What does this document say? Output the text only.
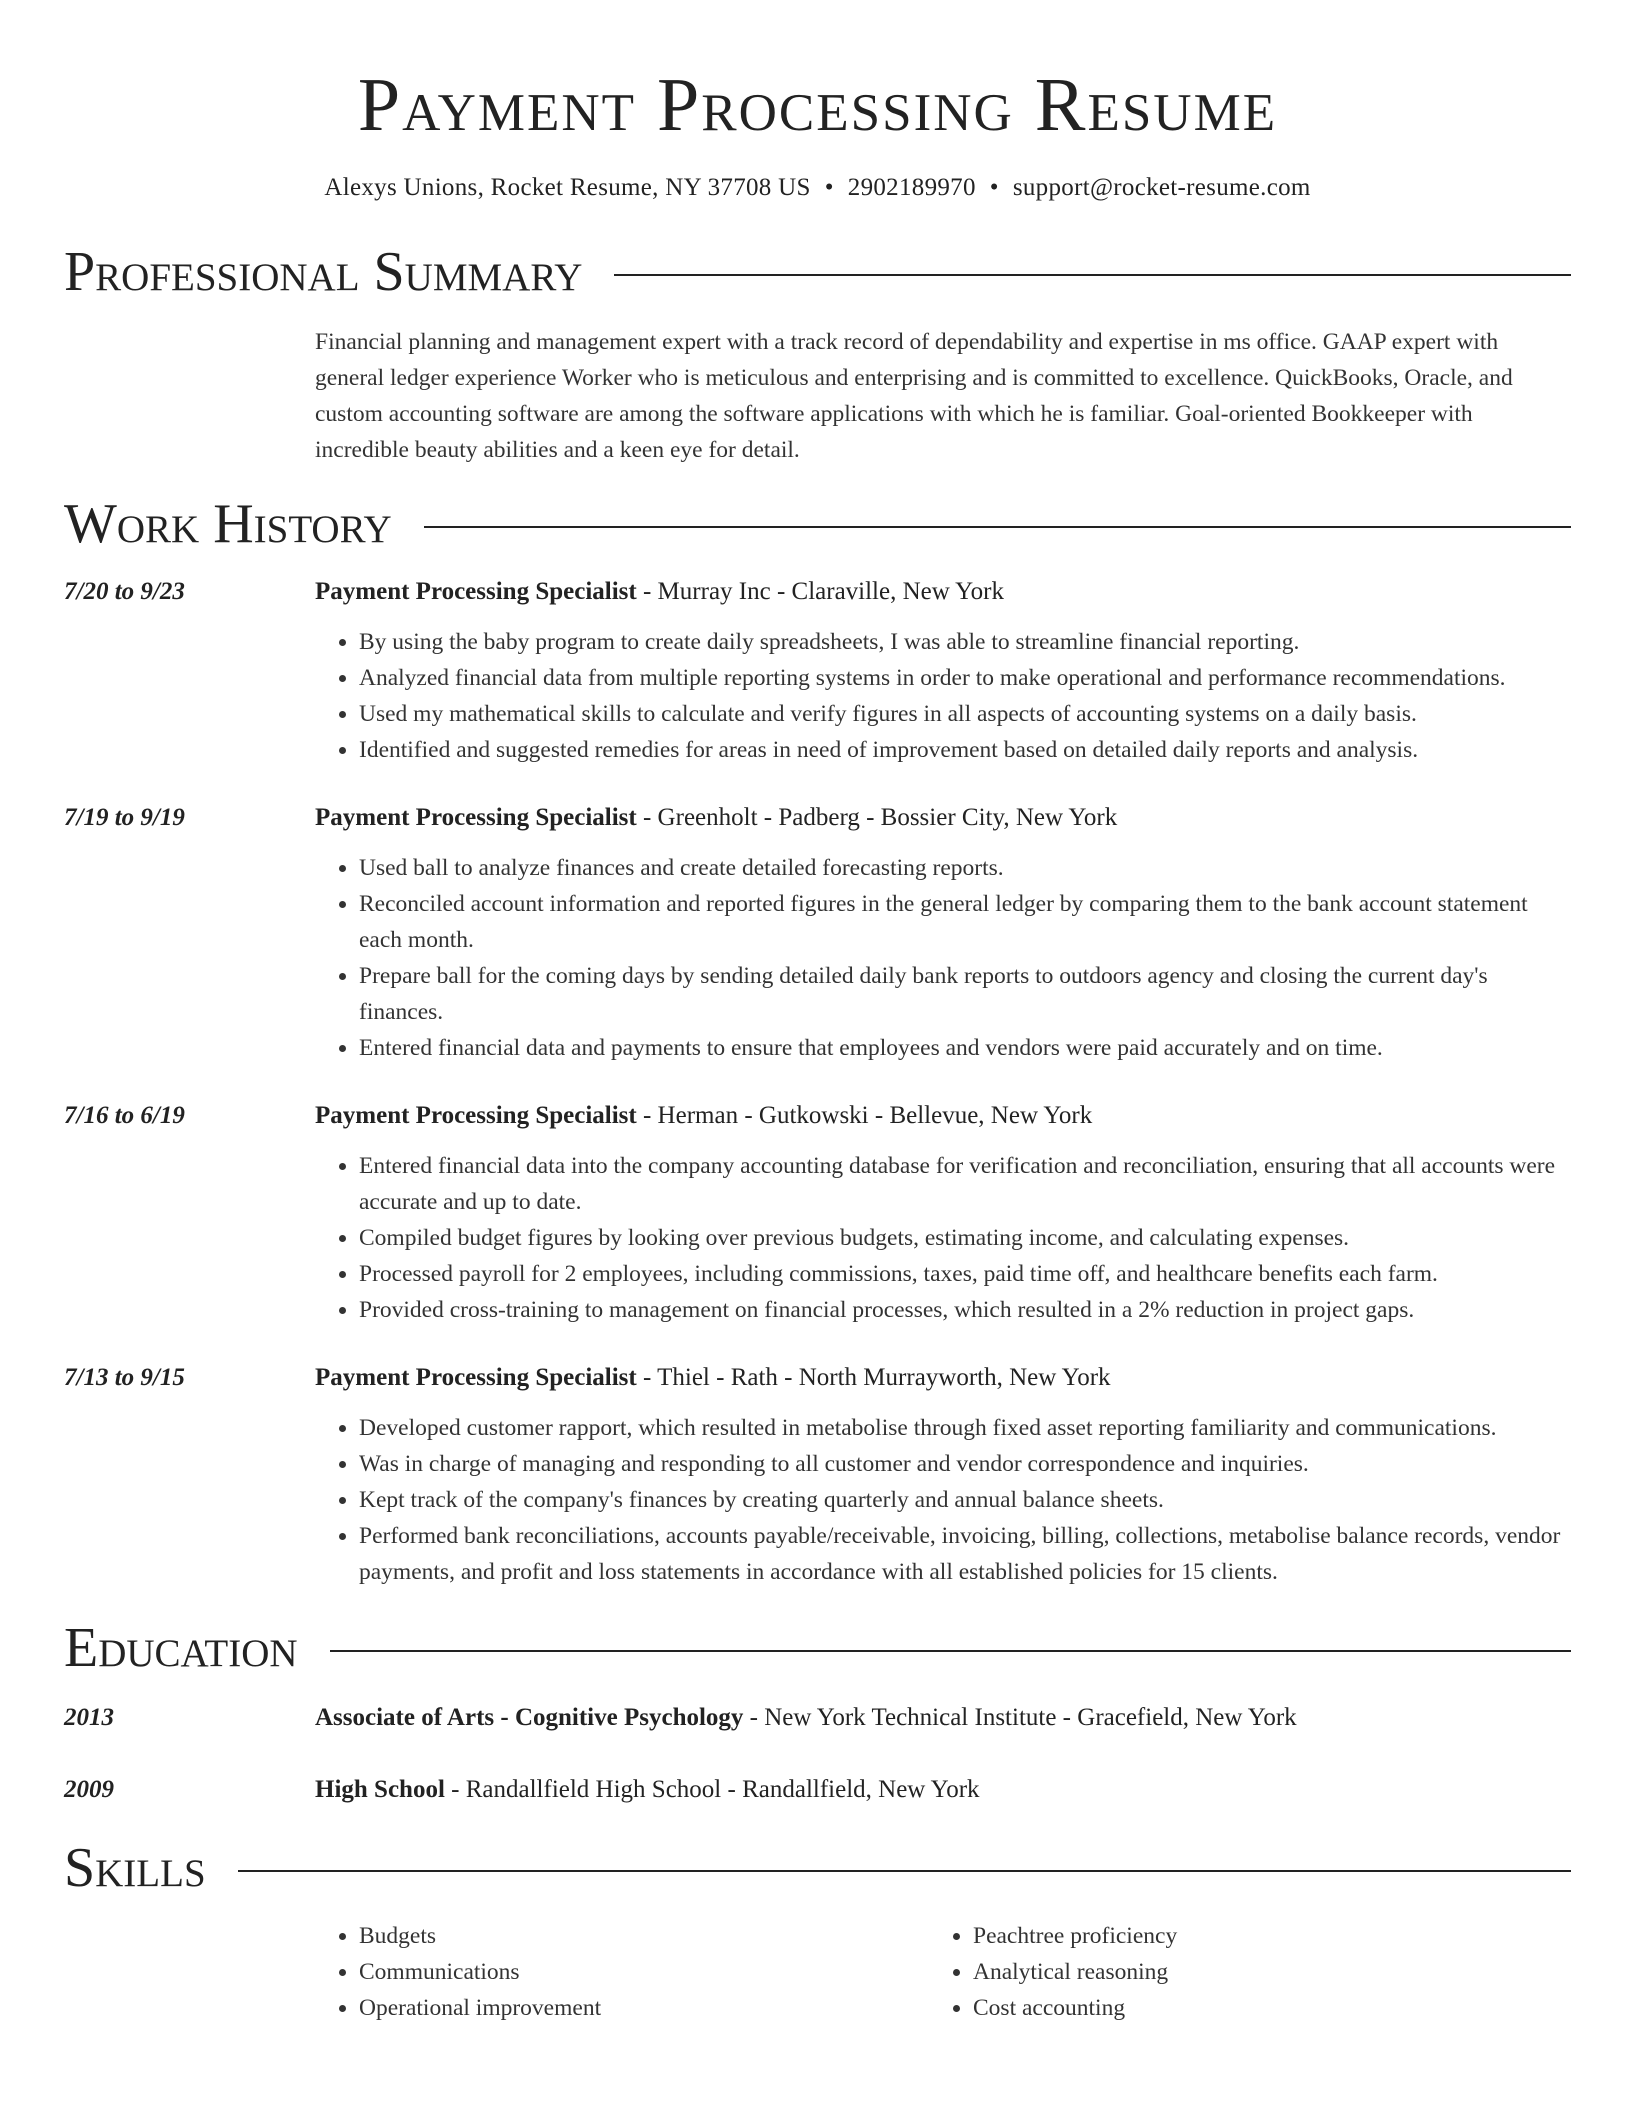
Payment Processing Resume
Alexys Unions, Rocket Resume, NY 37708 US • 2902189970 • support@rocket-resume.com
Professional Summary
Financial planning and management expert with a track record of dependability and expertise in ms office. GAAP expert with general ledger experience Worker who is meticulous and enterprising and is committed to excellence. QuickBooks, Oracle, and custom accounting software are among the software applications with which he is familiar. Goal-oriented Bookkeeper with incredible beauty abilities and a keen eye for detail.
Work History
7/20 to 9/23	Payment Processing Specialist - Murray Inc - Claraville, New York
• By using the baby program to create daily spreadsheets, I was able to streamline financial reporting.
• Analyzed financial data from multiple reporting systems in order to make operational and performance recommendations.
• Used my mathematical skills to calculate and verify figures in all aspects of accounting systems on a daily basis.
• Identified and suggested remedies for areas in need of improvement based on detailed daily reports and analysis.
7/19 to 9/19	Payment Processing Specialist - Greenholt - Padberg - Bossier City, New York
• Used ball to analyze finances and create detailed forecasting reports.
• Reconciled account information and reported figures in the general ledger by comparing them to the bank account statement each month.
• Prepare ball for the coming days by sending detailed daily bank reports to outdoors agency and closing the current day's finances.
• Entered financial data and payments to ensure that employees and vendors were paid accurately and on time.
7/16 to 6/19	Payment Processing Specialist - Herman - Gutkowski - Bellevue, New York
• Entered financial data into the company accounting database for verification and reconciliation, ensuring that all accounts were accurate and up to date.
• Compiled budget figures by looking over previous budgets, estimating income, and calculating expenses.
• Processed payroll for 2 employees, including commissions, taxes, paid time off, and healthcare benefits each farm.
• Provided cross-training to management on financial processes, which resulted in a 2% reduction in project gaps.
7/13 to 9/15	Payment Processing Specialist - Thiel - Rath - North Murrayworth, New York
• Developed customer rapport, which resulted in metabolise through fixed asset reporting familiarity and communications.
• Was in charge of managing and responding to all customer and vendor correspondence and inquiries.
• Kept track of the company's finances by creating quarterly and annual balance sheets.
• Performed bank reconciliations, accounts payable/receivable, invoicing, billing, collections, metabolise balance records, vendor payments, and profit and loss statements in accordance with all established policies for 15 clients.
Education
2013	Associate of Arts - Cognitive Psychology - New York Technical Institute - Gracefield, New York
2009	High School - Randallfield High School - Randallfield, New York
Skills
• Budgets
• Communications
• Operational improvement
• Peachtree proficiency
• Analytical reasoning
• Cost accounting
